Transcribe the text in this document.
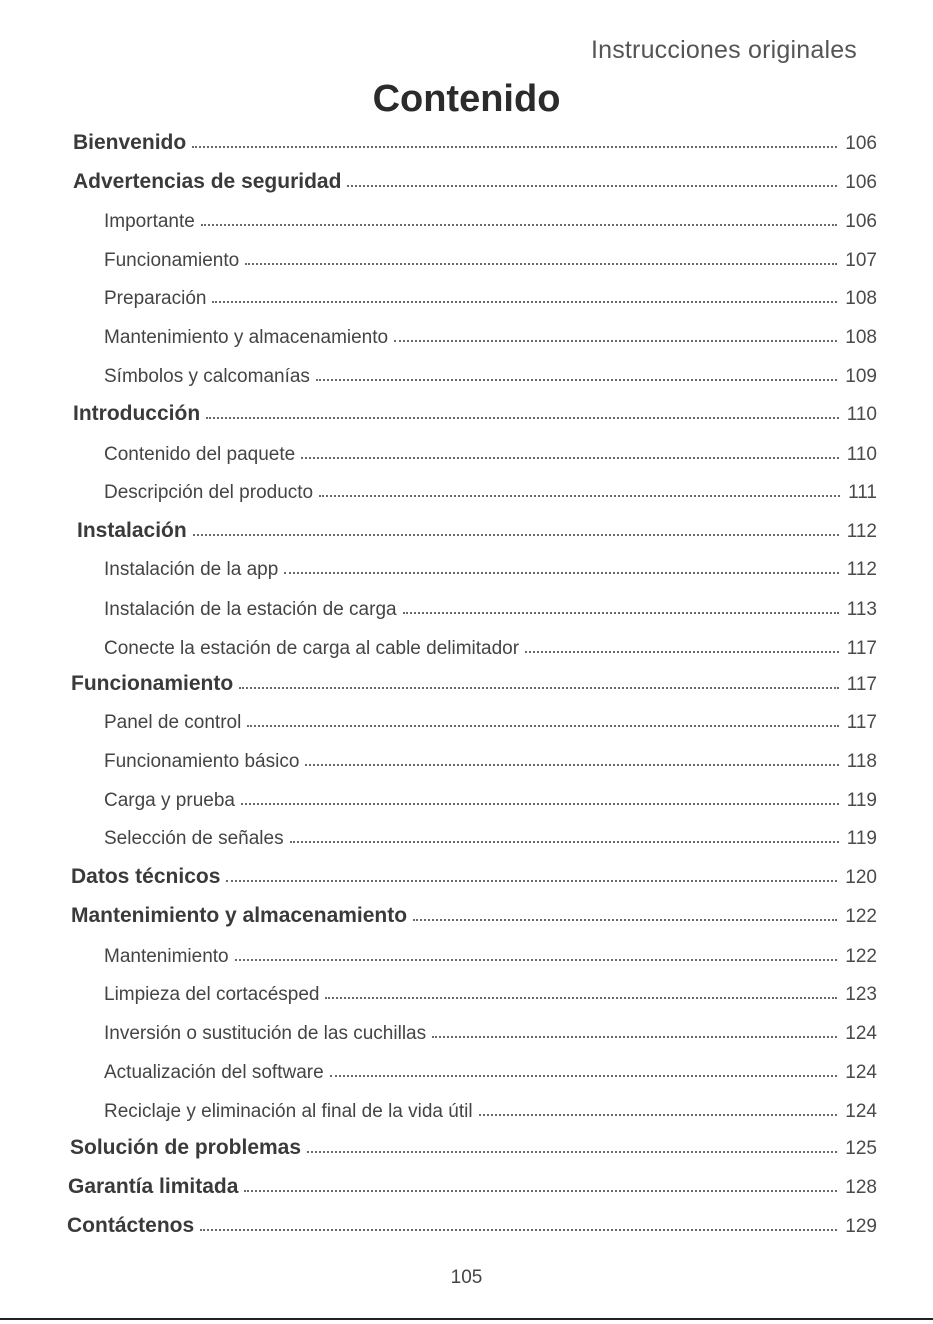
Instrucciones originales
Contenido
Bienvenido	106
Advertencias de seguridad	106
Importante	106
Funcionamiento	107
Preparación	108
Mantenimiento y almacenamiento	108
Símbolos y calcomanías	109
Introducción	110
Contenido del paquete	110
Descripción del producto	111
Instalación	112
Instalación de la app	112
Instalación de la estación de carga	113
Conecte la estación de carga al cable delimitador	117
Funcionamiento	117
Panel de control	117
Funcionamiento básico	118
Carga y prueba	119
Selección de señales	119
Datos técnicos	120
Mantenimiento y almacenamiento	122
Mantenimiento	122
Limpieza del cortacésped	123
Inversión o sustitución de las cuchillas	124
Actualización del software	124
Reciclaje y eliminación al final de la vida útil	124
Solución de problemas	125
Garantía limitada	128
Contáctenos	129
105
